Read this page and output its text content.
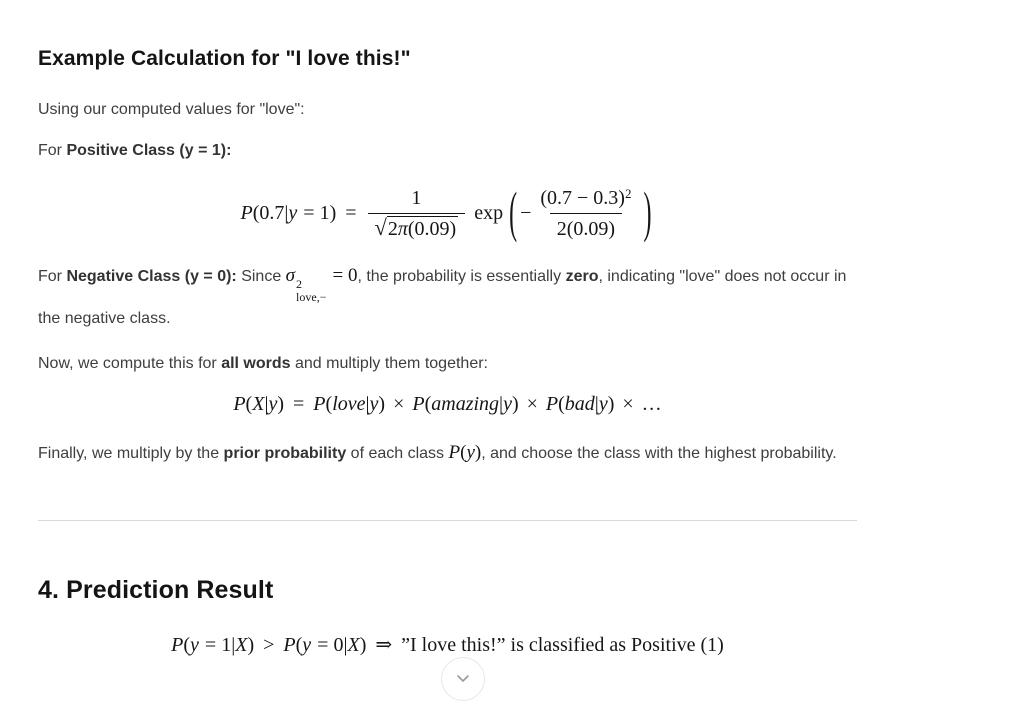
Example Calculation for "I love this!"

Using our computed values for "love":

For Positive Class (y = 1):

$P(0.7|y = 1) = \frac{1}{√2\pi(0.09)}$ exp ( − $\frac{(0.7 - 0.3)^2}{2(0.09)}$ )

For Negative Class (y = 0): Since σ 2
love,−
= 0, the probability is essentially zero, indicating "love" does not occur in the negative class.

Now, we compute this for all words and multiply them together:

P(X|y) = P(love|y) × P(amazing|y) × P(bad|y) × …

Finally, we multiply by the prior probability of each class P(y), and choose the class with the highest probability.

4. Prediction Result
P(y = 1|X) > P(y = 0|X) ⇒ ”I love this!” is classified as Positive (1)
